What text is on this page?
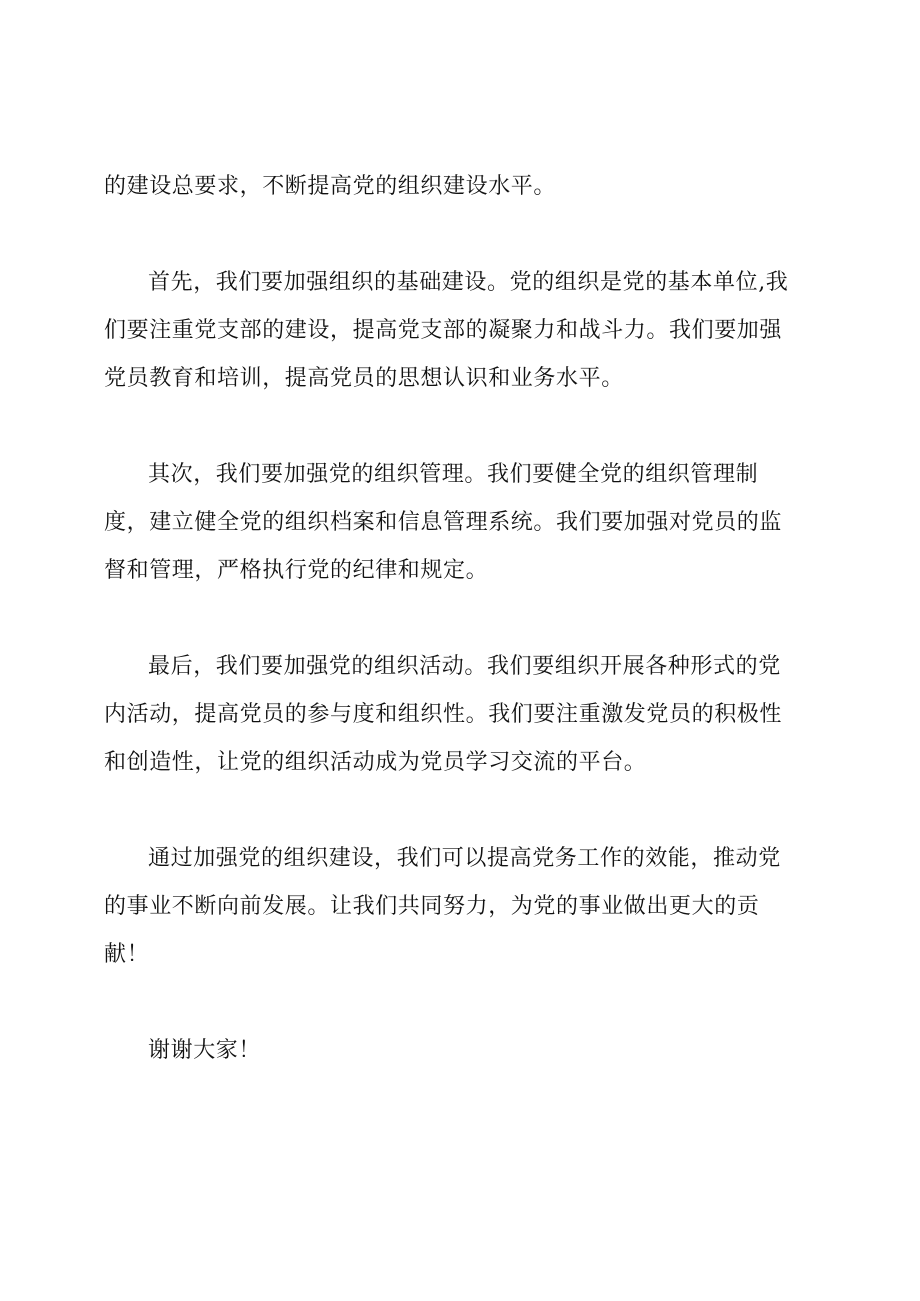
的建设总要求，不断提高党的组织建设水平。
首先，我们要加强组织的基础建设。党的组织是党的基本单位,我
们要注重党支部的建设，提高党支部的凝聚力和战斗力。我们要加强
党员教育和培训，提高党员的思想认识和业务水平。
其次，我们要加强党的组织管理。我们要健全党的组织管理制
度，建立健全党的组织档案和信息管理系统。我们要加强对党员的监
督和管理，严格执行党的纪律和规定。
最后，我们要加强党的组织活动。我们要组织开展各种形式的党
内活动，提高党员的参与度和组织性。我们要注重激发党员的积极性
和创造性，让党的组织活动成为党员学习交流的平台。
通过加强党的组织建设，我们可以提高党务工作的效能，推动党
的事业不断向前发展。让我们共同努力，为党的事业做出更大的贡
献！
谢谢大家！
